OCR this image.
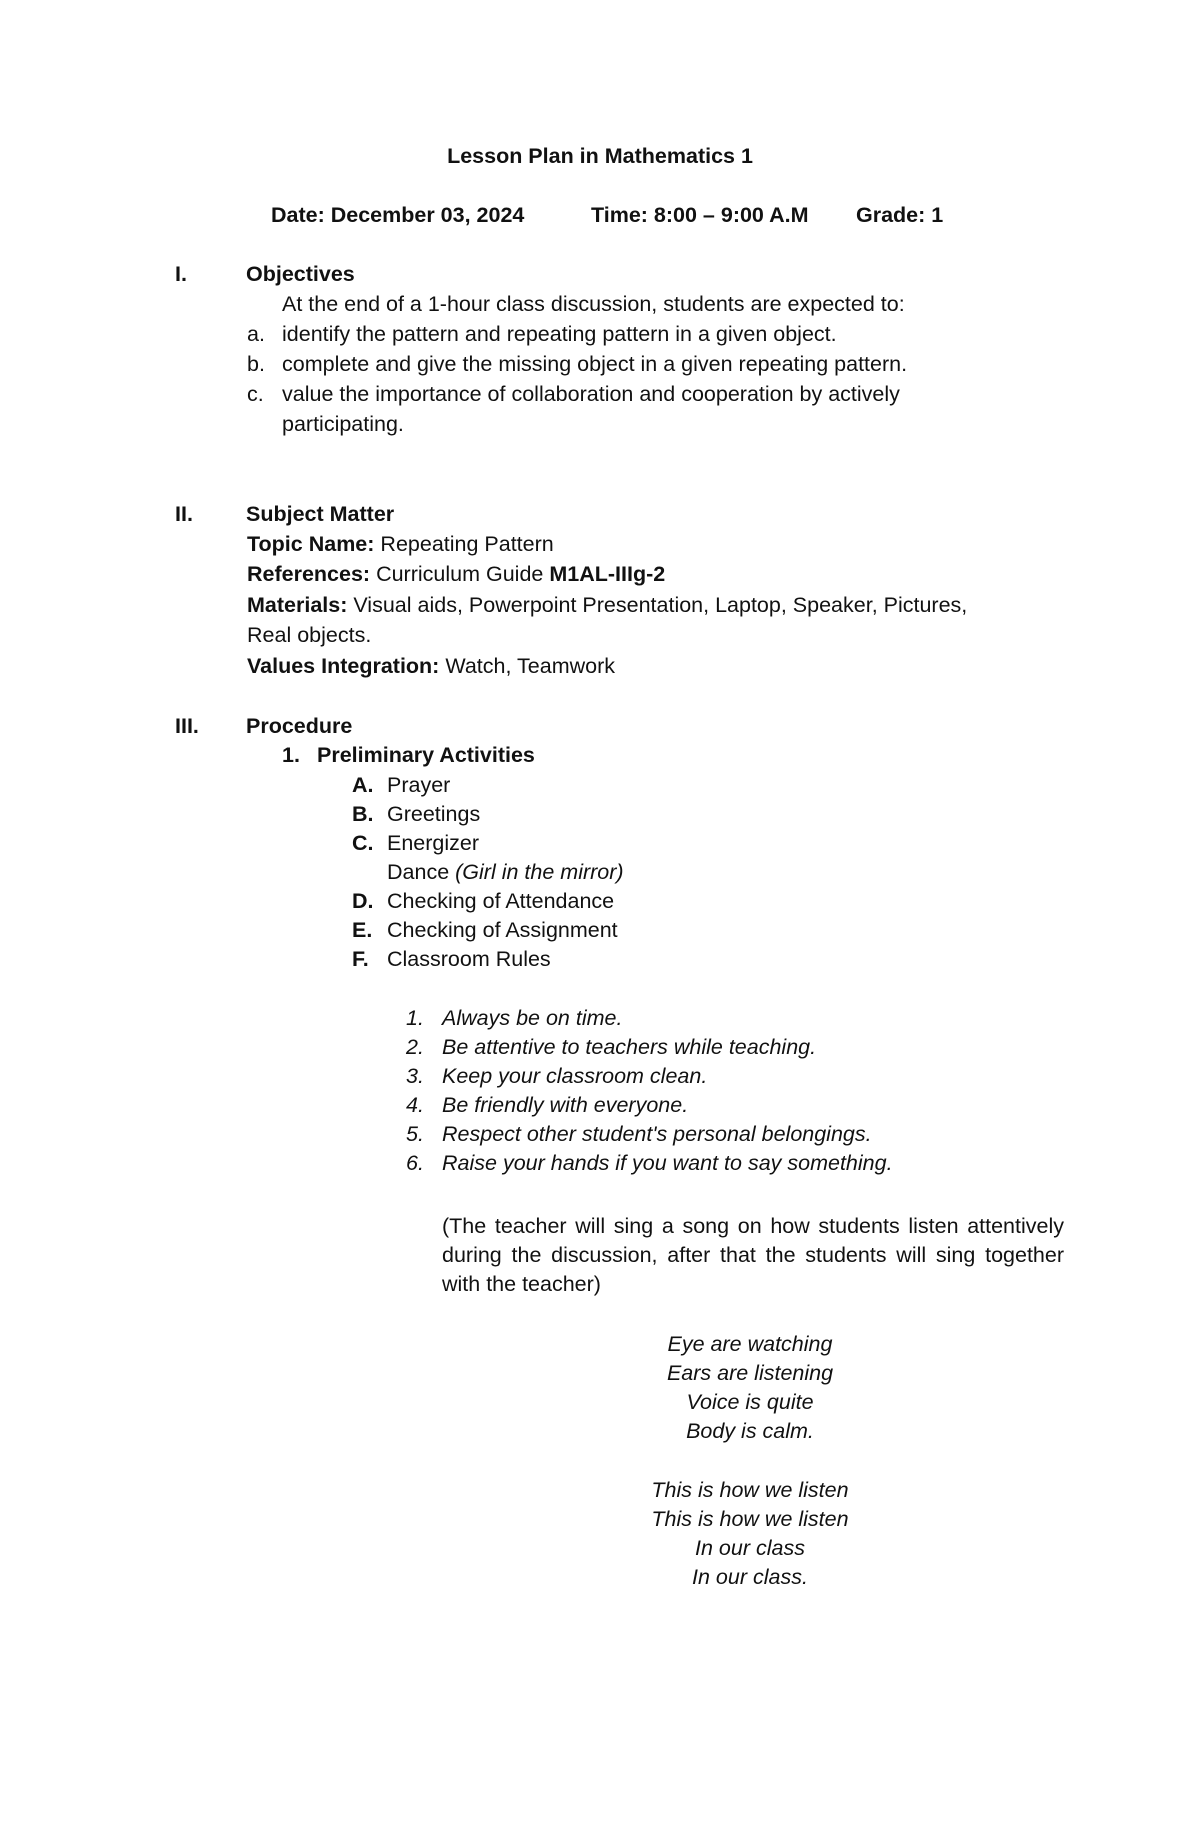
Lesson Plan in Mathematics 1
Date: December 03, 2024	Time: 8:00 – 9:00 A.M Grade: 1
I.	Objectives
At the end of a 1-hour class discussion, students are expected to:
a. identify the pattern and repeating pattern in a given object.
b. complete and give the missing object in a given repeating pattern.
c. value the importance of collaboration and cooperation by actively
participating.
II. Subject Matter
Topic Name: Repeating Pattern
References: Curriculum Guide M1AL-IIIg-2
Materials: Visual aids, Powerpoint Presentation, Laptop, Speaker, Pictures,
Real objects.
Values Integration: Watch, Teamwork
III. Procedure
1. Preliminary Activities
A. Prayer
B. Greetings
C. Energizer
Dance (Girl in the mirror)
D. Checking of Attendance
E. Checking of Assignment
F. Classroom Rules
1. Always be on time.
2. Be attentive to teachers while teaching.
3. Keep your classroom clean.
4. Be friendly with everyone.
5. Respect other student's personal belongings.
6. Raise your hands if you want to say something.
(The teacher will sing a song on how students listen attentively during the discussion, after that the students will sing together with the teacher)
Eye are watching
Ears are listening
Voice is quite
Body is calm.
This is how we listen
This is how we listen
In our class
In our class.
